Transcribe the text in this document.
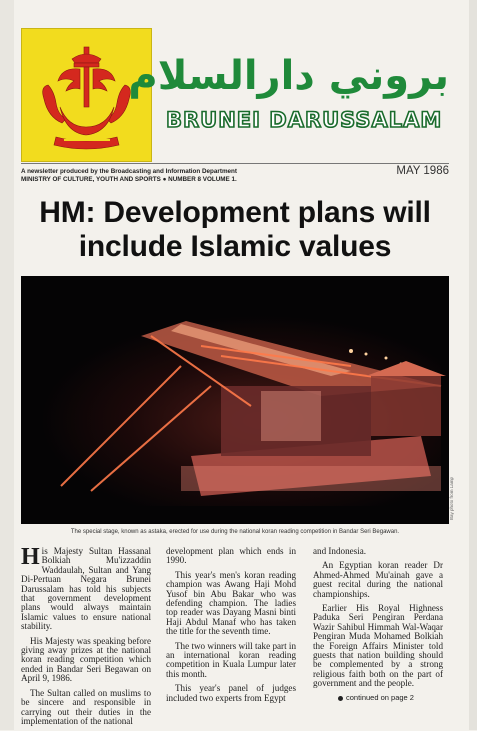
بروني دارالسلام
BRUNEI DARUSSALAM
A newsletter produced by the Broadcasting and Information Department
MINISTRY OF CULTURE, YOUTH AND SPORTS ● NUMBER 8 VOLUME 1.
MAY 1986
HM: Development plans will include Islamic values
Bay photo from Lamp
The special stage, known as astaka, erected for use during the national koran reading competition in Bandar Seri Begawan.

His Majesty Sultan Hassanal Bolkiah Mu'izzaddin Waddaulah, Sultan and Yang Di-Pertuan Negara Brunei Darussalam has told his subjects that government development plans would always maintain Islamic values to ensure national stability.

His Majesty was speaking before giving away prizes at the national koran reading competition which ended in Bandar Seri Begawan on April 9, 1986.

The Sultan called on muslims to be sincere and responsible in carrying out their duties in the implementation of the national

development plan which ends in 1990.

This year's men's koran reading champion was Awang Haji Mohd Yusof bin Abu Bakar who was defending champion. The ladies top reader was Dayang Masni binti Haji Abdul Manaf who has taken the title for the seventh time.

The two winners will take part in an international koran reading competition in Kuala Lumpur later this month.

This year's panel of judges included two experts from Egypt

and Indonesia.

An Egyptian koran reader Dr Ahmed-Ahmed Mu'ainah gave a guest recital during the national championships.

Earlier His Royal Highness Paduka Seri Pengiran Perdana Wazir Sahibul Himmah Wal-Waqar Pengiran Muda Mohamed Bolkiah the Foreign Affairs Minister told guests that nation building should be complemented by a strong religious faith both on the part of government and the people.

continued on page 2
